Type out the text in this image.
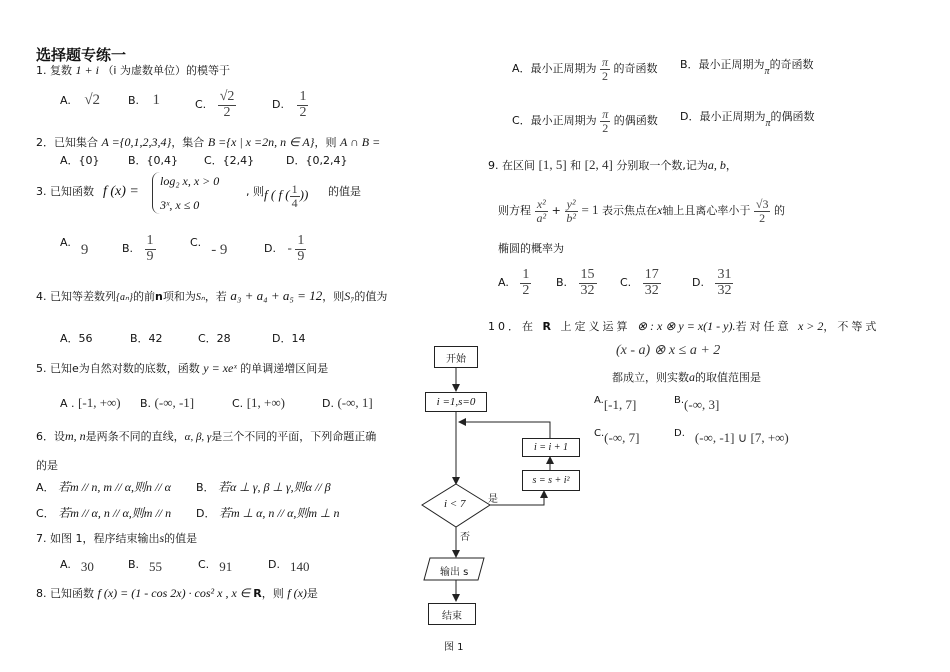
选择题专练一
1. 复数 1 + i （i 为虚数单位）的模等于
A. √2	B. 1	C. $\frac{√2}{2}$	D. $\frac{1}{2}$
2．已知集合 A ={0,1,2,3,4}，集合 B ={x | x =2n, n ∈ A}，则 A ∩ B =
A．{0}	B．{0,4} C．{2,4}	D．{0,2,4}
3. 已知函数 f (x) =
log₂ x, x > 0
3ˣ, x ≤ 0
, 则 f ( f ( $\frac{1}{4}$ )) 的值是
A. 9	B. $\frac{1}{9}$	C. - 9	D. - $\frac{1}{9}$
4. 已知等差数列{aₙ}的前n项和为Sₙ，若 a₃ + a₄ + a₅ = 12，则S₇的值为
A．56	B．42	C．28	D．14
5. 已知e为自然对数的底数，函数 y = xeˣ 的单调递增区间是
A . [-1, +∞) B. (-∞, -1]	C. [1, +∞)	D. (-∞, 1]
6．设m, n是两条不同的直线，α, β, γ是三个不同的平面，下列命题正确
的是
A． 若m // n, m // α,则n // α B． 若α ⊥ γ, β ⊥ γ,则α // β
C． 若m // α, n // α,则m // n D． 若m ⊥ α, n // α,则m ⊥ n
7. 如图 1，程序结束输出s的值是
A. 30	B. 55	C. 91	D. 140
8. 已知函数 f (x) = (1 - cos 2x) · cos² x , x ∈ R，则 f (x)是
A．最小正周期为 $\frac{\pi}{2}$ 的奇函数 B．最小正周期为π的奇函数
C．最小正周期为 $\frac{\pi}{2}$ 的偶函数 D．最小正周期为π的偶函数
9. 在区间 [1, 5] 和 [2, 4] 分别取一个数,记为a, b，
则方程 $\frac{\text{x²}}{\text{a²}} + \frac{\text{y²}}{\text{b²}} = 1$ 表示焦点在x轴上且离心率小于 $\frac{√3}{2}$ 的
椭圆的概率为
A. $\frac{1}{2} B$. $\frac{15}{32} C$. $\frac{17}{32}$	D. $\frac{31}{32}$
10．在 R 上定义运算 ⊗ : x ⊗ y = x(1 - y).若对任意 x > 2，不等式
(x - a) ⊗ x ≤ a + 2
都成立，则实数a的取值范围是
A.[-1, 7]	B.(-∞, 3]
C.(-∞, 7]	D. (-∞, -1] ∪ [7, +∞)
开始
i =1,s=0
i < 7 是
否
i = i + 1
s = s + i²
输出 s
结束
图 1
